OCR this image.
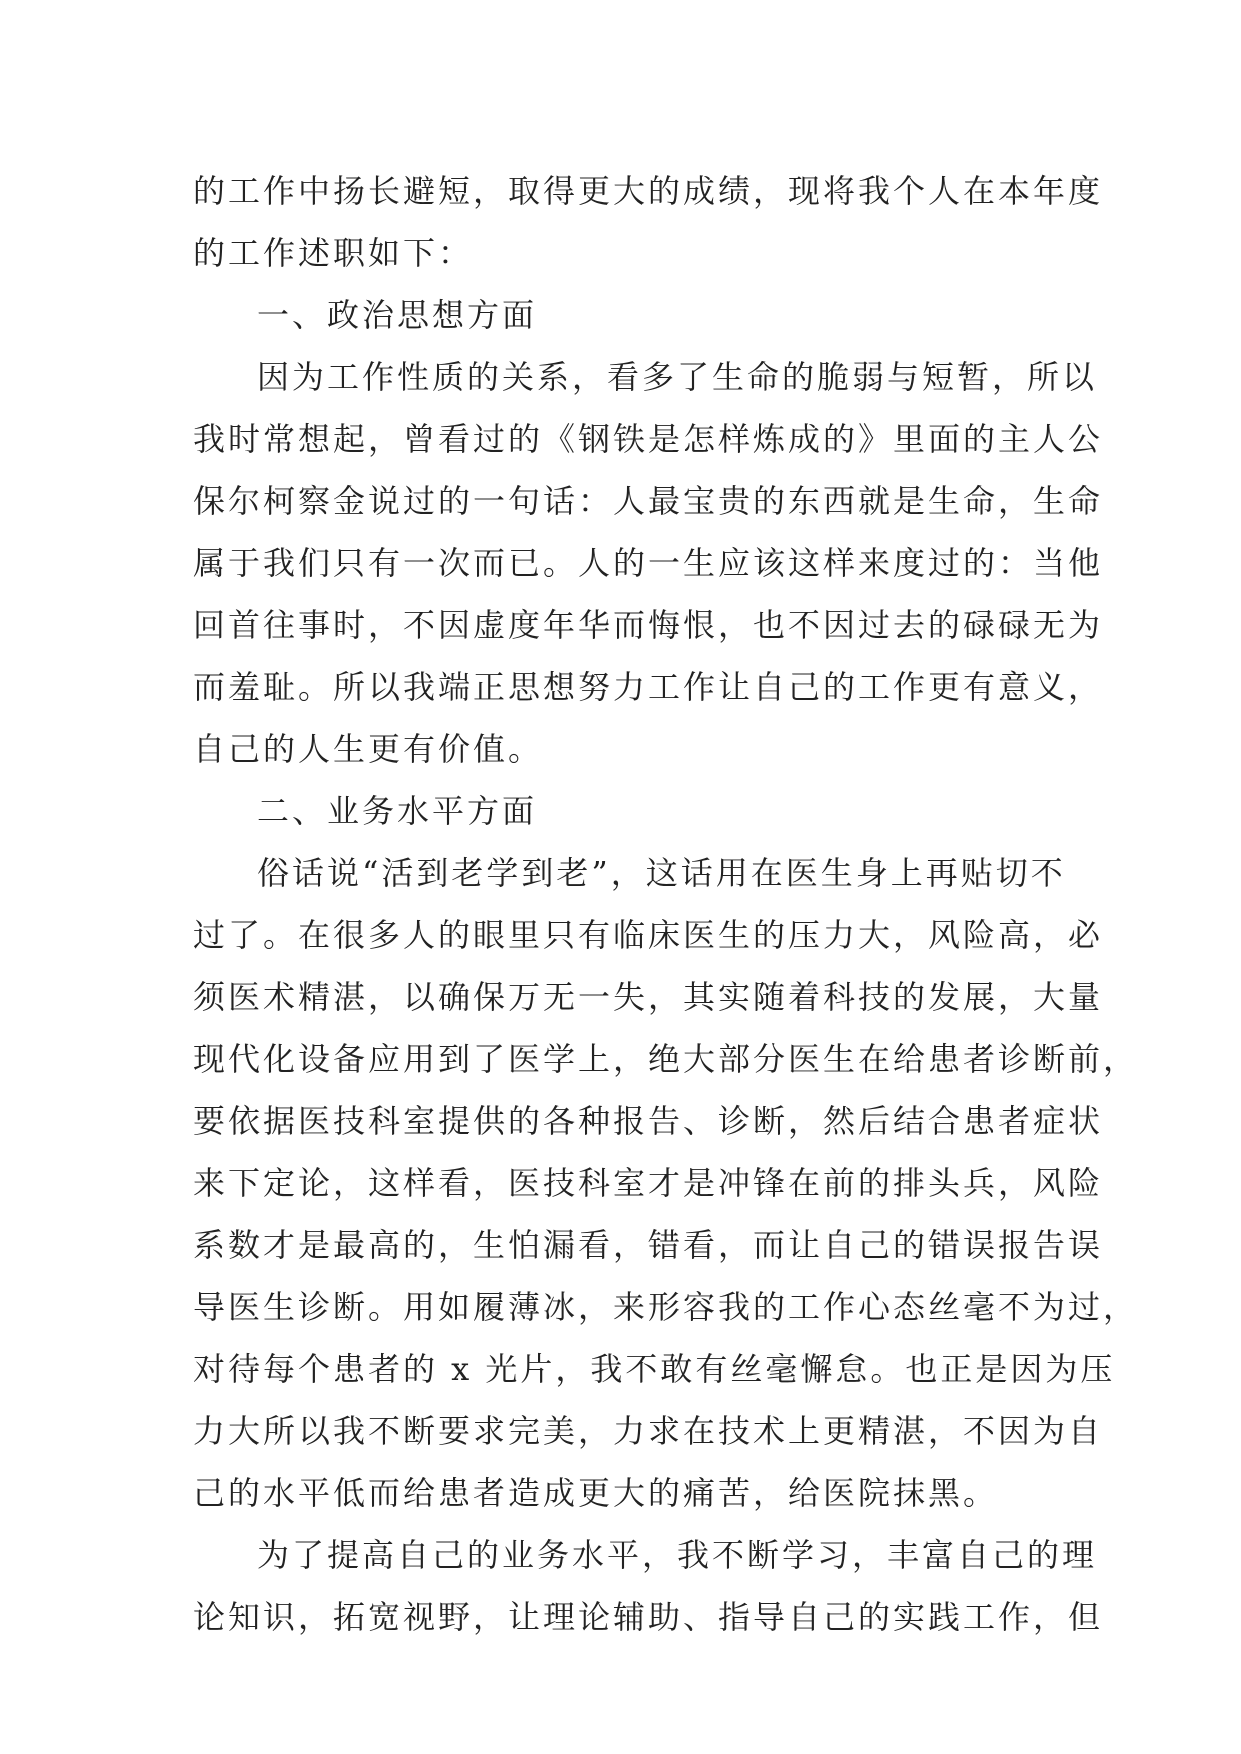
的工作中扬长避短，取得更大的成绩，现将我个人在本年度
的工作述职如下：
一、政治思想方面
因为工作性质的关系，看多了生命的脆弱与短暂，所以
我时常想起，曾看过的《钢铁是怎样炼成的》里面的主人公
保尔柯察金说过的一句话：人最宝贵的东西就是生命，生命
属于我们只有一次而已。人的一生应该这样来度过的：当他
回首往事时，不因虚度年华而悔恨，也不因过去的碌碌无为
而羞耻。所以我端正思想努力工作让自己的工作更有意义，
自己的人生更有价值。
二、业务水平方面
俗话说“活到老学到老”，这话用在医生身上再贴切不
过了。在很多人的眼里只有临床医生的压力大，风险高，必
须医术精湛，以确保万无一失，其实随着科技的发展，大量
现代化设备应用到了医学上，绝大部分医生在给患者诊断前，
要依据医技科室提供的各种报告、诊断，然后结合患者症状
来下定论，这样看，医技科室才是冲锋在前的排头兵，风险
系数才是最高的，生怕漏看，错看，而让自己的错误报告误
导医生诊断。用如履薄冰，来形容我的工作心态丝毫不为过，
对待每个患者的 x 光片，我不敢有丝毫懈怠。也正是因为压
力大所以我不断要求完美，力求在技术上更精湛，不因为自
己的水平低而给患者造成更大的痛苦，给医院抹黑。
为了提高自己的业务水平，我不断学习，丰富自己的理
论知识，拓宽视野，让理论辅助、指导自己的实践工作，但
